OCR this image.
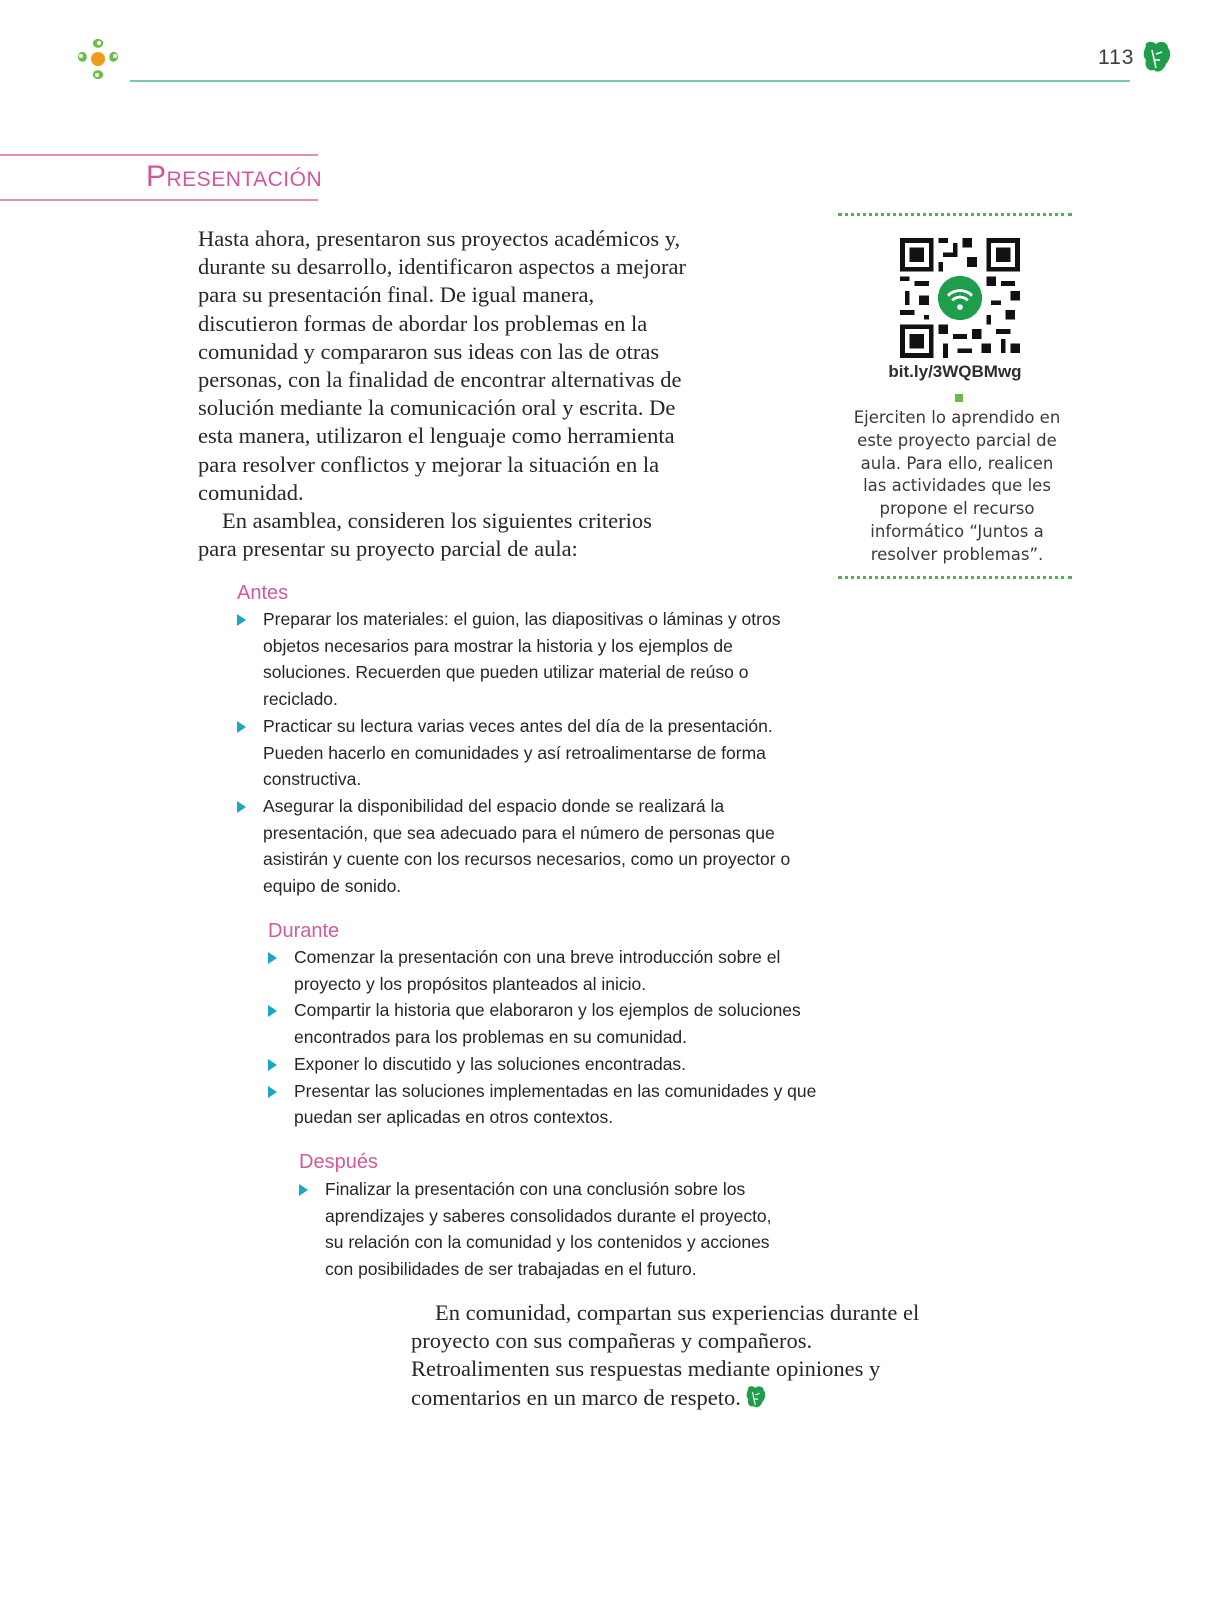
113
Presentación

Hasta ahora, presentaron sus proyectos académicos y, durante su desarrollo, identificaron aspectos a mejorar para su presentación final. De igual manera, discutieron formas de abordar los problemas en la comunidad y compararon sus ideas con las de otras personas, con la finalidad de encontrar alternativas de solución mediante la comunicación oral y escrita. De esta manera, utilizaron el lenguaje como herramienta para resolver conflictos y mejorar la situación en la comunidad.

En asamblea, consideren los siguientes criterios para presentar su proyecto parcial de aula:

bit.ly/3WQBMwg
Ejerciten lo aprendido en este proyecto parcial de aula. Para ello, realicen las actividades que les propone el recurso informático “Juntos a resolver problemas”.
Antes
Preparar los materiales: el guion, las diapositivas o láminas y otros objetos necesarios para mostrar la historia y los ejemplos de soluciones. Recuerden que pueden utilizar material de reúso o reciclado.
Practicar su lectura varias veces antes del día de la presentación. Pueden hacerlo en comunidades y así retroalimentarse de forma constructiva.
Asegurar la disponibilidad del espacio donde se realizará la presentación, que sea adecuado para el número de personas que asistirán y cuente con los recursos necesarios, como un proyector o equipo de sonido.
Durante
Comenzar la presentación con una breve introducción sobre el proyecto y los propósitos planteados al inicio.
Compartir la historia que elaboraron y los ejemplos de soluciones encontrados para los problemas en su comunidad.
Exponer lo discutido y las soluciones encontradas.
Presentar las soluciones implementadas en las comunidades y que puedan ser aplicadas en otros contextos.
Después
Finalizar la presentación con una conclusión sobre los aprendizajes y saberes consolidados durante el proyecto, su relación con la comunidad y los contenidos y acciones con posibilidades de ser trabajadas en el futuro.

En comunidad, compartan sus experiencias durante el proyecto con sus compañeras y compañeros. Retroalimenten sus respuestas mediante opiniones y comentarios en un marco de respeto.
